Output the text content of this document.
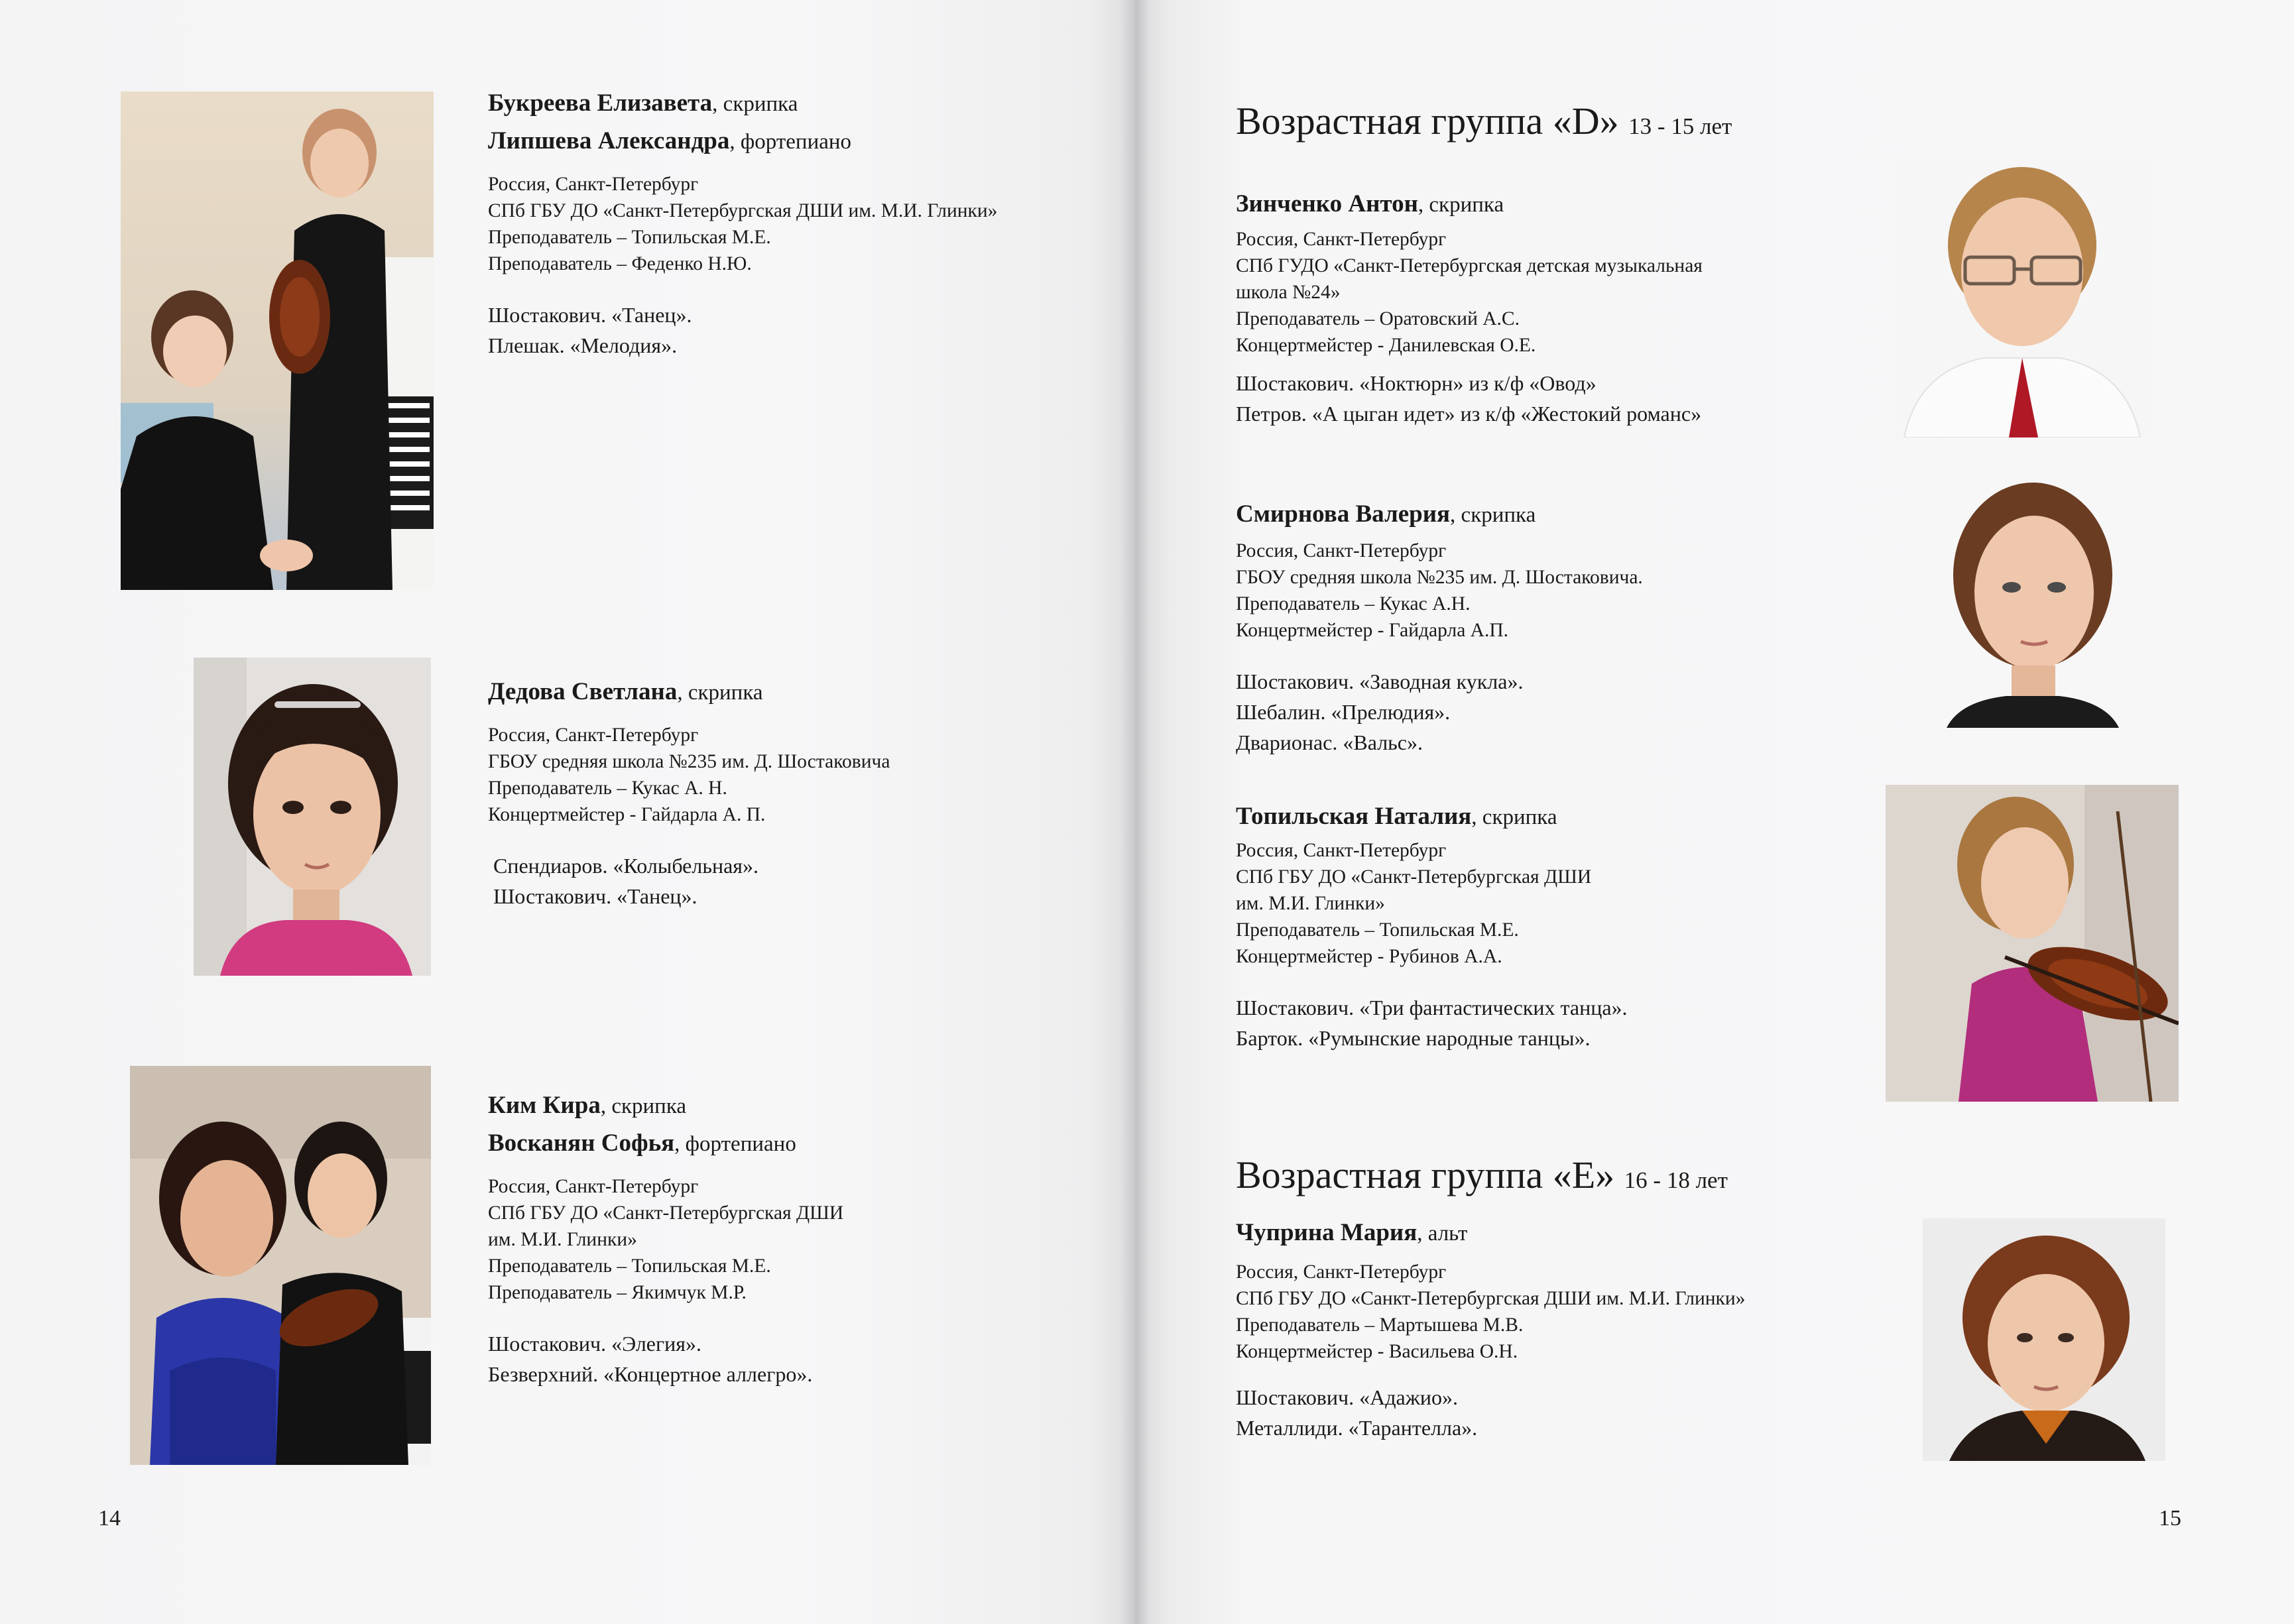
Букреева Елизавета, скрипка
Липшева Александра, фортепиано
Россия, Санкт-Петербург
СПб ГБУ ДО «Санкт-Петербургская ДШИ им. М.И. Глинки»
Преподаватель – Топильская М.Е.
Преподаватель – Феденко Н.Ю.
Шостакович. «Танец».
Плешак. «Мелодия».
Дедова Светлана, скрипка
Россия, Санкт-Петербург
ГБОУ средняя школа №235 им. Д. Шостаковича
Преподаватель – Кукас А. Н.
Концертмейстер - Гайдарла А. П.
Спендиаров. «Колыбельная».
Шостакович. «Танец».
Ким Кира, скрипка
Восканян Софья, фортепиано
Россия, Санкт-Петербург
СПб ГБУ ДО «Санкт-Петербургская ДШИ
им. М.И. Глинки»
Преподаватель – Топильская М.Е.
Преподаватель – Якимчук М.Р.
Шостакович. «Элегия».
Безверхний. «Концертное аллегро».
14
Возрастная группа «D» 13 - 15 лет
Зинченко Антон, скрипка
Россия, Санкт-Петербург
СПб ГУДО «Санкт-Петербургская детская музыкальная
школа №24»
Преподаватель – Оратовский А.С.
Концертмейстер - Данилевская О.Е.
Шостакович. «Ноктюрн» из к/ф «Овод»
Петров. «А цыган идет» из к/ф «Жестокий романс»
Смирнова Валерия, скрипка
Россия, Санкт-Петербург
ГБОУ средняя школа №235 им. Д. Шостаковича.
Преподаватель – Кукас А.Н.
Концертмейстер - Гайдарла А.П.
Шостакович. «Заводная кукла».
Шебалин. «Прелюдия».
Дварионас. «Вальс».
Топильская Наталия, скрипка
Россия, Санкт-Петербург
СПб ГБУ ДО «Санкт-Петербургская ДШИ
им. М.И. Глинки»
Преподаватель – Топильская М.Е.
Концертмейстер - Рубинов А.А.
Шостакович. «Три фантастических танца».
Барток. «Румынские народные танцы».
Возрастная группа «E» 16 - 18 лет
Чуприна Мария, альт
Россия, Санкт-Петербург
СПб ГБУ ДО «Санкт-Петербургская ДШИ им. М.И. Глинки»
Преподаватель – Мартышева М.В.
Концертмейстер - Васильева О.Н.
Шостакович. «Адажио».
Металлиди. «Тарантелла».
15
